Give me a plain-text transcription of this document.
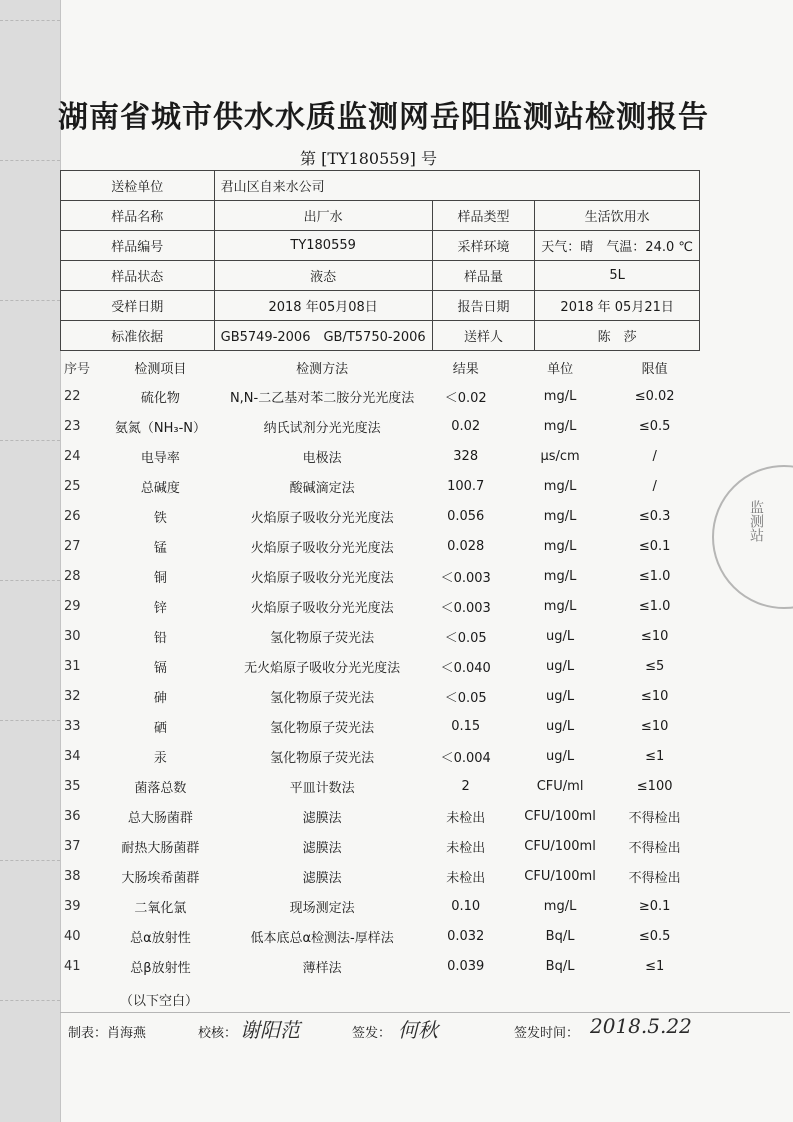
湖南省城市供水水质监测网岳阳监测站检测报告
第 [TY180559] 号
送检单位	君山区自来水公司		
样品名称	出厂水	样品类型	生活饮用水
样品编号	TY180559	采样环境	天气：晴　气温：24.0 ℃
样品状态	液态	样品量	5L
受样日期	2018 年05月08日	报告日期	2018 年 05月21日
标准依据	GB5749-2006　GB/T5750-2006	送样人	陈　莎
序号	检测项目	检测方法	结果	单位	限值
22	硫化物	N,N-二乙基对苯二胺分光光度法	＜0.02	mg/L	≤0.02
23	氨氮（NH₃-N）	纳氏试剂分光光度法	0.02	mg/L	≤0.5
24	电导率	电极法	328	µs/cm	/
25	总碱度	酸碱滴定法	100.7	mg/L	/
26	铁	火焰原子吸收分光光度法	0.056	mg/L	≤0.3
27	锰	火焰原子吸收分光光度法	0.028	mg/L	≤0.1
28	铜	火焰原子吸收分光光度法	＜0.003	mg/L	≤1.0
29	锌	火焰原子吸收分光光度法	＜0.003	mg/L	≤1.0
30	铅	氢化物原子荧光法	＜0.05	ug/L	≤10
31	镉	无火焰原子吸收分光光度法	＜0.040	ug/L	≤5
32	砷	氢化物原子荧光法	＜0.05	ug/L	≤10
33	硒	氢化物原子荧光法	0.15	ug/L	≤10
34	汞	氢化物原子荧光法	＜0.004	ug/L	≤1
35	菌落总数	平皿计数法	2	CFU/ml	≤100
36	总大肠菌群	滤膜法	未检出	CFU/100ml	不得检出
37	耐热大肠菌群	滤膜法	未检出	CFU/100ml	不得检出
38	大肠埃希菌群	滤膜法	未检出	CFU/100ml	不得检出
39	二氧化氯	现场测定法	0.10	mg/L	≥0.1
40	总α放射性	低本底总α检测法-厚样法	0.032	Bq/L	≤0.5
41	总β放射性	薄样法	0.039	Bq/L	≤1
（以下空白）
制表：肖海燕	校核： 谢阳范	签发： 何秋	签发时间： 2018.5.22
监测站
